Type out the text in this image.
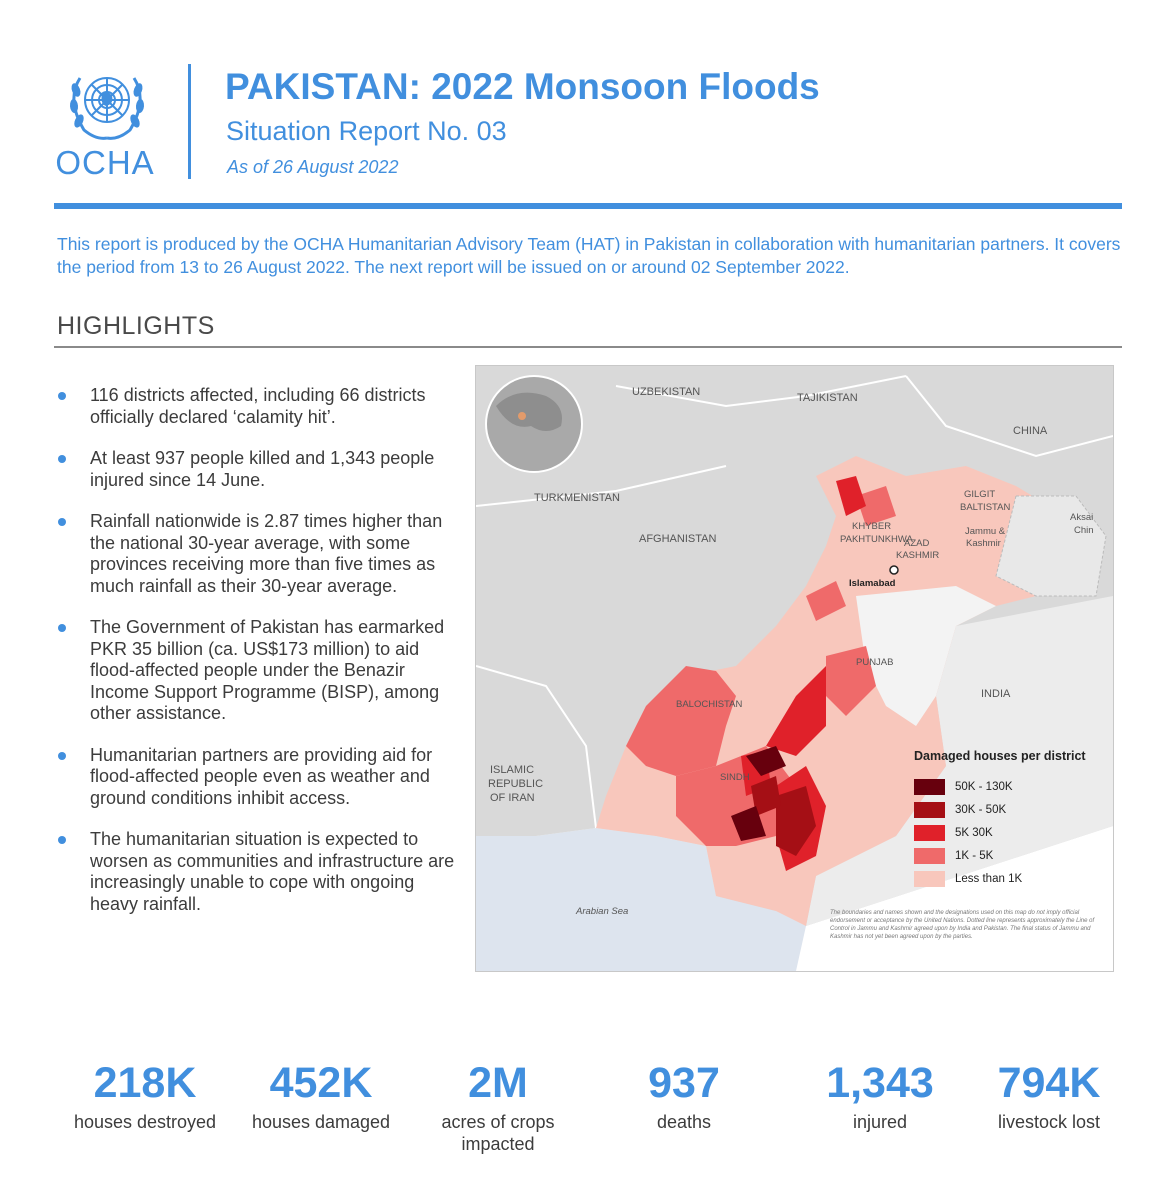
OCHA
PAKISTAN: 2022 Monsoon Floods
Situation Report No. 03
As of 26 August 2022
This report is produced by the OCHA Humanitarian Advisory Team (HAT) in Pakistan in collaboration with humanitarian partners. It covers the period from 13 to 26 August 2022. The next report will be issued on or around 02 September 2022.
HIGHLIGHTS
116 districts affected, including 66 districts officially declared ‘calamity hit’.
At least 937 people killed and 1,343 people injured since 14 June.
Rainfall nationwide is 2.87 times higher than the national 30-year average, with some provinces receiving more than five times as much rainfall as their 30-year average.
The Government of Pakistan has earmarked PKR 35 billion (ca. US$173 million) to aid flood-affected people under the Benazir Income Support Programme (BISP), among other assistance.
Humanitarian partners are providing aid for flood-affected people even as weather and ground conditions inhibit access.
The humanitarian situation is expected to worsen as communities and infrastructure are increasingly unable to cope with ongoing heavy rainfall.
UZBEKISTAN	TAJIKISTAN
CHINA
TURKMENISTAN	GILGIT
BALTISTAN
Aksai
Chin
KHYBER
PAKHTUNKHWA
Jammu &
Kashmir
AZAD
KASHMIR
AFGHANISTAN
Islamabad
PUNJAB
INDIA
BALOCHISTAN
ISLAMIC
REPUBLIC
OF IRAN
SINDH
Arabian Sea
Damaged houses per district
50K - 130K
30K - 50K
5K 30K
1K - 5K
Less than 1K
The boundaries and names shown and the designations used on this map do not imply official endorsement or acceptance by the United Nations. Dotted line represents approximately the Line of Control in Jammu and Kashmir agreed upon by India and Pakistan. The final status of Jammu and Kashmir has not yet been agreed upon by the parties.
218K
houses destroyed
452K
houses damaged
2M
acres of crops impacted
937
deaths
1,343
injured
794K
livestock lost
